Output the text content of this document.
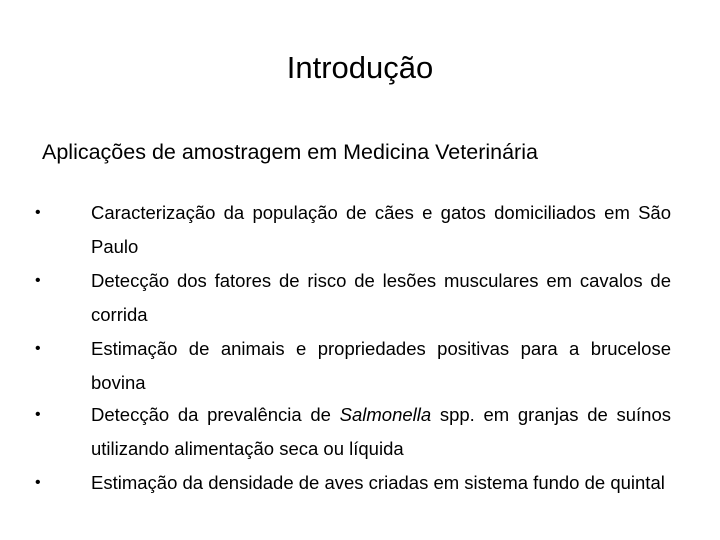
Introdução
Aplicações de amostragem em Medicina Veterinária
•	Caracterização da população de cães e gatos domiciliados em São Paulo
•	Detecção dos fatores de risco de lesões musculares em cavalos de corrida
•	Estimação de animais e propriedades positivas para a brucelose bovina
•	Detecção da prevalência de Salmonella spp. em granjas de suínos utilizando alimentação seca ou líquida
•	Estimação da densidade de aves criadas em sistema fundo de quintal
